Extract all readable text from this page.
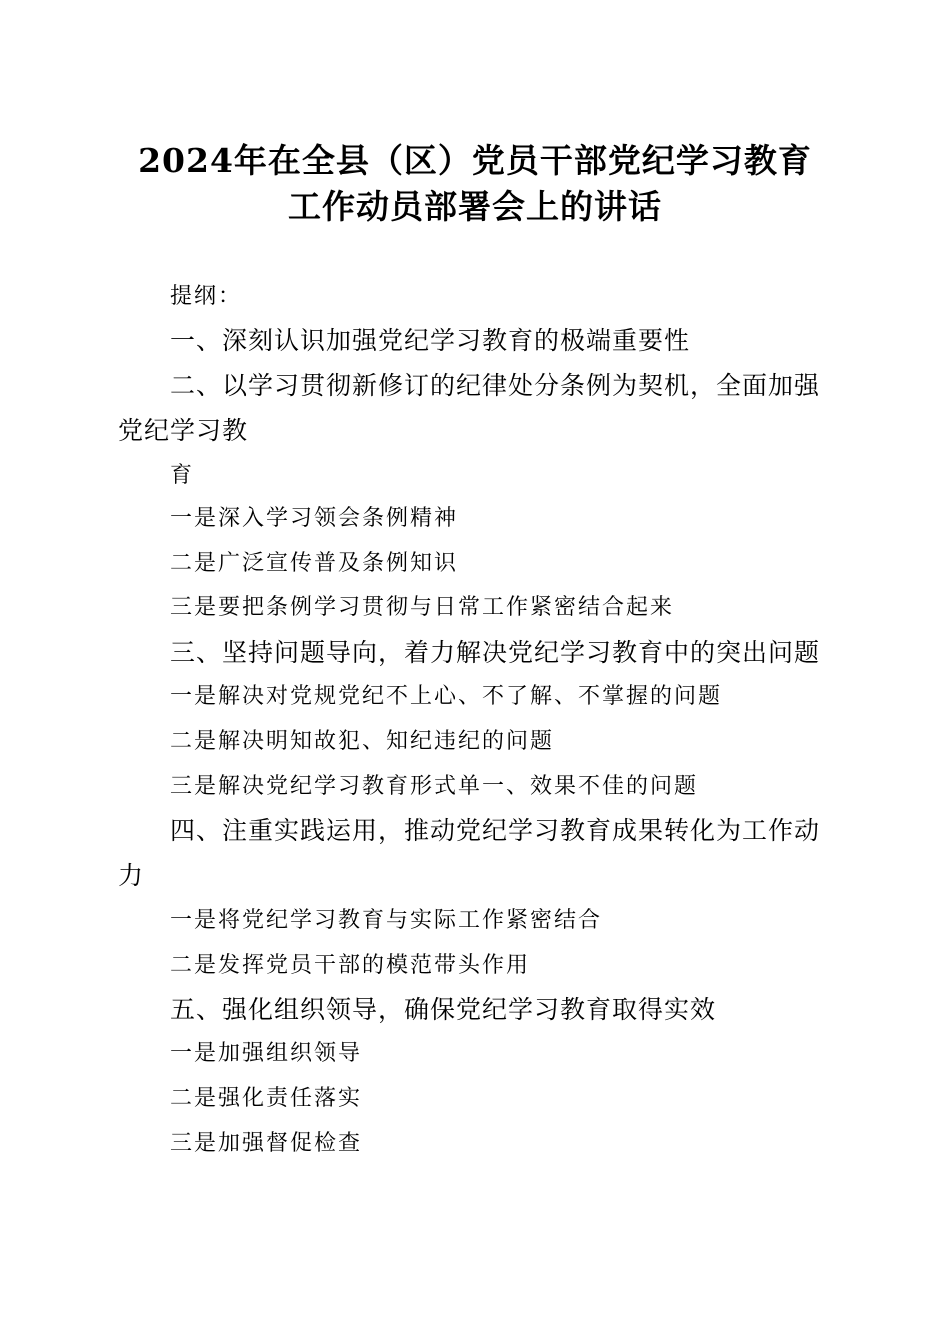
2024年在全县（区）党员干部党纪学习教育
工作动员部署会上的讲话
提纲：
一、深刻认识加强党纪学习教育的极端重要性
二、以学习贯彻新修订的纪律处分条例为契机，全面加强
党纪学习教
育
一是深入学习领会条例精神
二是广泛宣传普及条例知识
三是要把条例学习贯彻与日常工作紧密结合起来
三、坚持问题导向，着力解决党纪学习教育中的突出问题
一是解决对党规党纪不上心、不了解、不掌握的问题
二是解决明知故犯、知纪违纪的问题
三是解决党纪学习教育形式单一、效果不佳的问题
四、注重实践运用，推动党纪学习教育成果转化为工作动
力
一是将党纪学习教育与实际工作紧密结合
二是发挥党员干部的模范带头作用
五、强化组织领导，确保党纪学习教育取得实效
一是加强组织领导
二是强化责任落实
三是加强督促检查
